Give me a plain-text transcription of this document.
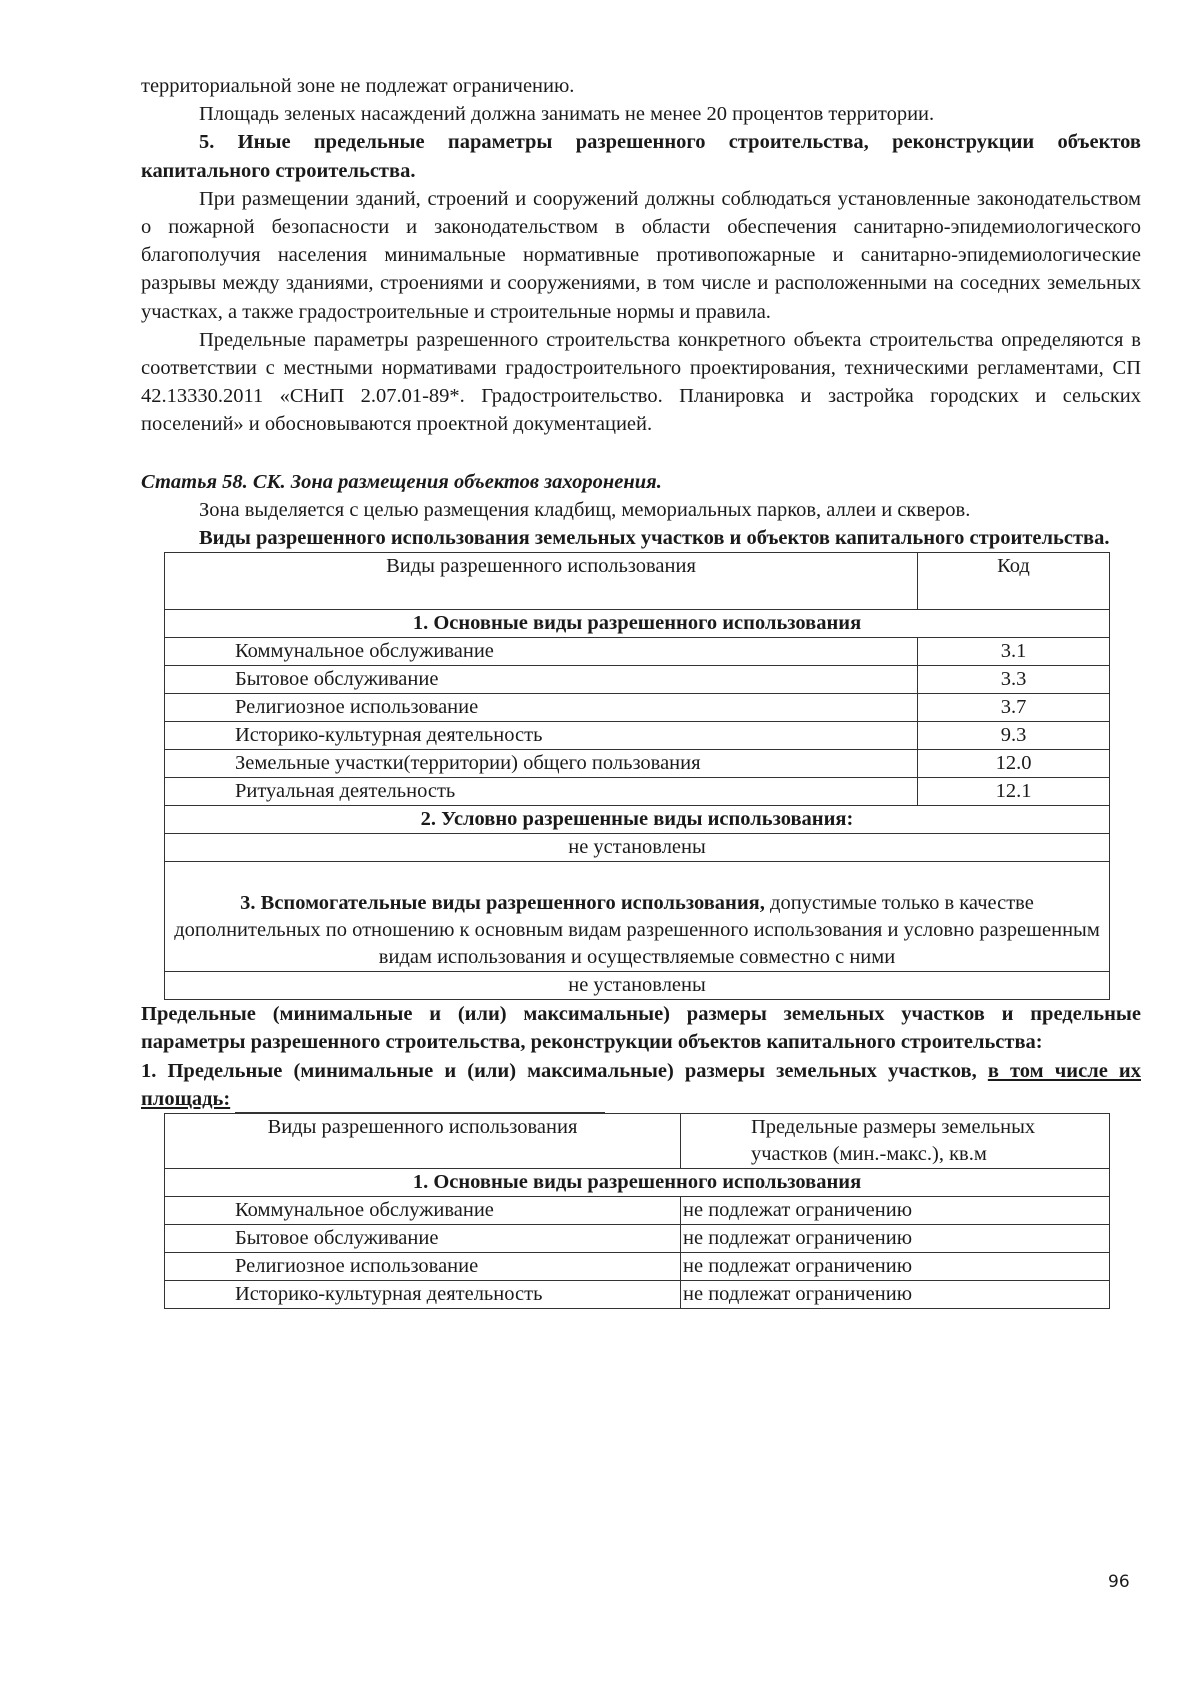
территориальной зоне не подлежат ограничению.

Площадь зеленых насаждений должна занимать не менее 20 процентов территории.

5. Иные предельные параметры разрешенного строительства, реконструкции объектов капитального строительства.

При размещении зданий, строений и сооружений должны соблюдаться установленные законодательством о пожарной безопасности и законодательством в области обеспечения санитарно-эпидемиологического благополучия населения минимальные нормативные противопожарные и санитарно-эпидемиологические разрывы между зданиями, строениями и сооружениями, в том числе и расположенными на соседних земельных участках, а также градостроительные и строительные нормы и правила.

Предельные параметры разрешенного строительства конкретного объекта строительства определяются в соответствии с местными нормативами градостроительного проектирования, техническими регламентами, СП 42.13330.2011 «СНиП 2.07.01-89*. Градостроительство. Планировка и застройка городских и сельских поселений» и обосновываются проектной документацией.

Статья 58. СК. Зона размещения объектов захоронения.

Зона выделяется с целью размещения кладбищ, мемориальных парков, аллеи и скверов.

Виды разрешенного использования земельных участков и объектов капитального строительства.

Виды разрешенного использования	Код
1. Основные виды разрешенного использования	
Коммунальное обслуживание	3.1
Бытовое обслуживание	3.3
Религиозное использование	3.7
Историко-культурная деятельность	9.3
Земельные участки(территории) общего пользования	12.0
Ритуальная деятельность	12.1
2. Условно разрешенные виды использования:	
не установлены	
3. Вспомогательные виды разрешенного использования, допустимые только в качестве дополнительных по отношению к основным видам разрешенного использования и условно разрешенным видам использования и осуществляемые совместно с ними	
не установлены	

Предельные (минимальные и (или) максимальные) размеры земельных участков и предельные параметры разрешенного строительства, реконструкции объектов капитального строительства:

1. Предельные (минимальные и (или) максимальные) размеры земельных участков, в том числе их площадь:

Виды разрешенного использования	Предельные размеры земельных участков (мин.-макс.), кв.м
1. Основные виды разрешенного использования	
Коммунальное обслуживание	не подлежат ограничению
Бытовое обслуживание	не подлежат ограничению
Религиозное использование	не подлежат ограничению
Историко-культурная деятельность	не подлежат ограничению
96
